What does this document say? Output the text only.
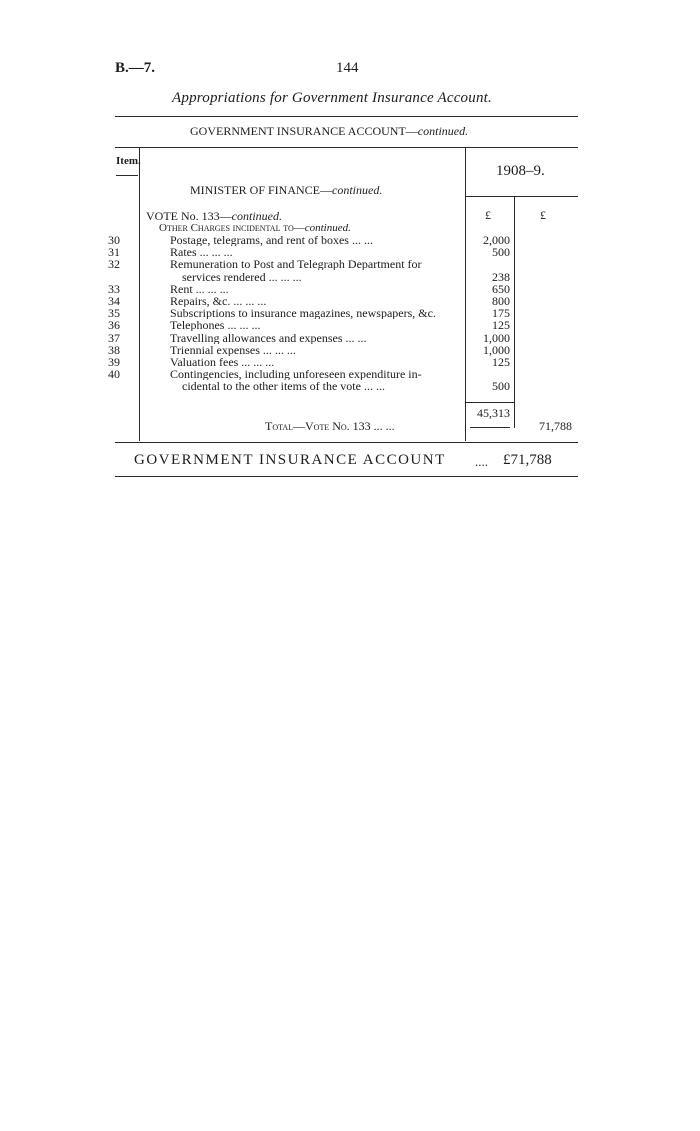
B.—7.	144
Appropriations for Government Insurance Account.
GOVERNMENT INSURANCE ACCOUNT—continued.
Item.
1908–9.
MINISTER OF FINANCE—continued.
£	£
VOTE No. 133—continued.
Other Charges incidental to—continued.
30	Postage, telegrams, and rent of boxes ... ...	2,000
31	Rates ... ... ...	500
32	Remuneration to Post and Telegraph Department for
services rendered ... ... ...	238
33	Rent ... ... ...	650
34	Repairs, &c. ... ... ...	800
35	Subscriptions to insurance magazines, newspapers, &c.	175
36	Telephones ... ... ...	125
37	Travelling allowances and expenses ... ...	1,000
38	Triennial expenses ... ... ...	1,000
39	Valuation fees ... ... ...	125
40	Contingencies, including unforeseen expenditure in-
cidental to the other items of the vote ... ...	500
45,313
Total—Vote No. 133 ... ...	71,788
GOVERNMENT INSURANCE ACCOUNT .... £71,788
